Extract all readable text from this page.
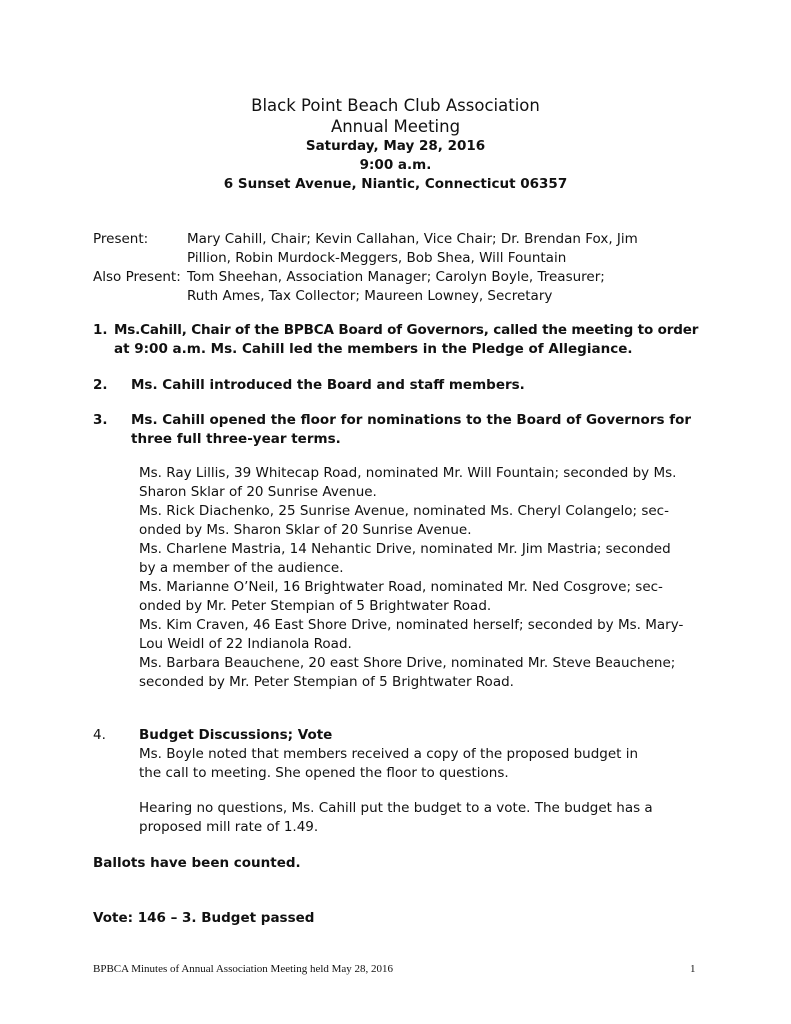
Black Point Beach Club Association
Annual Meeting
Saturday, May 28, 2016
9:00 a.m.
6 Sunset Avenue, Niantic, Connecticut 06357
Present:	Mary Cahill, Chair; Kevin Callahan, Vice Chair; Dr. Brendan Fox, Jim
Pillion, Robin Murdock-Meggers, Bob Shea, Will Fountain
Also Present: Tom Sheehan, Association Manager; Carolyn Boyle, Treasurer;
Ruth Ames, Tax Collector; Maureen Lowney, Secretary
1. Ms.Cahill, Chair of the BPBCA Board of Governors, called the meeting to order
at 9:00 a.m. Ms. Cahill led the members in the Pledge of Allegiance.
2. Ms. Cahill introduced the Board and staff members.
3. Ms. Cahill opened the floor for nominations to the Board of Governors for
three full three-year terms.
Ms. Ray Lillis, 39 Whitecap Road, nominated Mr. Will Fountain; seconded by Ms.
Sharon Sklar of 20 Sunrise Avenue.
Ms. Rick Diachenko, 25 Sunrise Avenue, nominated Ms. Cheryl Colangelo; sec-
onded by Ms. Sharon Sklar of 20 Sunrise Avenue.
Ms. Charlene Mastria, 14 Nehantic Drive, nominated Mr. Jim Mastria; seconded
by a member of the audience.
Ms. Marianne O’Neil, 16 Brightwater Road, nominated Mr. Ned Cosgrove; sec-
onded by Mr. Peter Stempian of 5 Brightwater Road.
Ms. Kim Craven, 46 East Shore Drive, nominated herself; seconded by Ms. Mary-
Lou Weidl of 22 Indianola Road.
Ms. Barbara Beauchene, 20 east Shore Drive, nominated Mr. Steve Beauchene;
seconded by Mr. Peter Stempian of 5 Brightwater Road.
4. Budget Discussions; Vote
Ms. Boyle noted that members received a copy of the proposed budget in
the call to meeting. She opened the floor to questions.
Hearing no questions, Ms. Cahill put the budget to a vote. The budget has a
proposed mill rate of 1.49.
Ballots have been counted.
Vote: 146 – 3. Budget passed
BPBCA Minutes of Annual Association Meeting held May 28, 2016	1
